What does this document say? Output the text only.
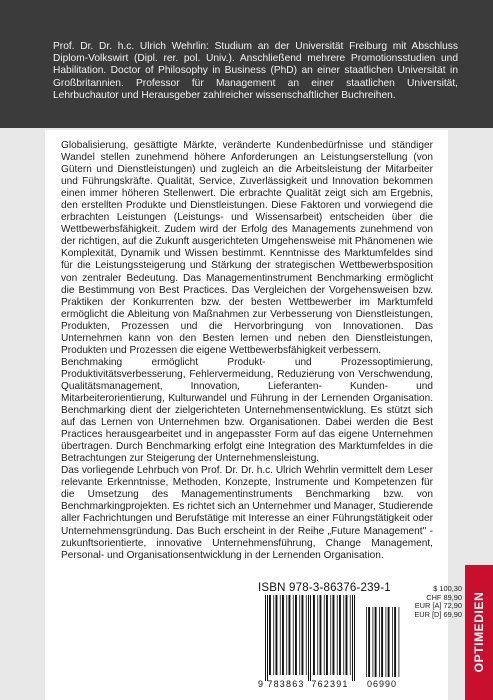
Prof. Dr. Dr. h.c. Ulrich Wehrlin: Studium an der Universität Freiburg mit Abschluss Diplom-Volkswirt (Dipl. rer. pol. Univ.). Anschließend mehrere Promotionsstudien und Habilitation. Doctor of Philosophy in Business (PhD) an einer staatlichen Universität in Großbritannien. Professor für Management an einer staatlichen Universität, Lehrbuchautor und Herausgeber zahlreicher wissenschaftlicher Buchreihen.

Globalisierung, gesättigte Märkte, veränderte Kundenbedürfnisse und ständiger Wandel stellen zunehmend höhere Anforderungen an Leistungserstellung (von Gütern und Dienstleistungen) und zugleich an die Arbeitsleistung der Mitarbeiter und Führungskräfte. Qualität, Service, Zuverlässigkeit und Innovation bekommen einen immer höheren Stellenwert. Die erbrachte Qualität zeigt sich am Ergebnis, den erstellten Produkte und Dienstleistungen. Diese Faktoren und vorwiegend die erbrachten Leistungen (Leistungs- und Wissensarbeit) entscheiden über die Wettbewerbsfähigkeit. Zudem wird der Erfolg des Managements zunehmend von der richtigen, auf die Zukunft ausgerichteten Umgehensweise mit Phänomenen wie Komplexität, Dynamik und Wissen bestimmt. Kenntnisse des Marktumfeldes sind für die Leistungssteigerung und Stärkung der strategischen Wettbewerbsposition von zentraler Bedeutung. Das Managementinstrument Benchmarking ermöglicht die Bestimmung von Best Practices. Das Vergleichen der Vorgehensweisen bzw. Praktiken der Konkurrenten bzw. der besten Wettbewerber im Marktumfeld ermöglicht die Ableitung von Maßnahmen zur Verbesserung von Dienstleistungen, Produkten, Prozessen und die Hervorbringung von Innovationen. Das Unternehmen kann von den Besten lernen und neben den Dienstleistungen, Produkten und Prozessen die eigene Wettbewerbsfähigkeit verbessern.

Benchmaking ermöglicht Produkt- und Prozessoptimierung, Produktivitätsverbesserung, Fehlervermeidung, Reduzierung von Verschwendung, Qualitätsmanagement, Innovation, Lieferanten- Kunden- und Mitarbeiterorientierung, Kulturwandel und Führung in der Lernenden Organisation. Benchmarking dient der zielgerichteten Unternehmensentwicklung. Es stützt sich auf das Lernen von Unternehmen bzw. Organisationen. Dabei werden die Best Practices herausgearbeitet und in angepasster Form auf das eigene Unternehmen übertragen. Durch Benchmarking erfolgt eine Integration des Marktumfeldes in die Betrachtungen zur Steigerung der Unternehmensleistung.

Das vorliegende Lehrbuch von Prof. Dr. Dr. h.c. Ulrich Wehrlin vermittelt dem Leser relevante Erkenntnisse, Methoden, Konzepte, Instrumente und Kompetenzen für die Umsetzung des Managementinstruments Benchmarking bzw. von Benchmarkingprojekten. Es richtet sich an Unternehmer und Manager, Studierende aller Fachrichtungen und Berufstätige mit Interesse an einer Führungstätigkeit oder Unternehmensgründung. Das Buch erscheint in der Reihe „Future Management" - zukunftsorientierte, innovative Unternehmensführung, Change Management, Personal- und Organisationsentwicklung in der Lernenden Organisation.

ISBN 978-3-86376-239-1
9 783863 762391 06990
$ 100,30
CHF 89,90
EUR [A] 72,90
EUR [D] 69,90 OPTIMEDIEN
